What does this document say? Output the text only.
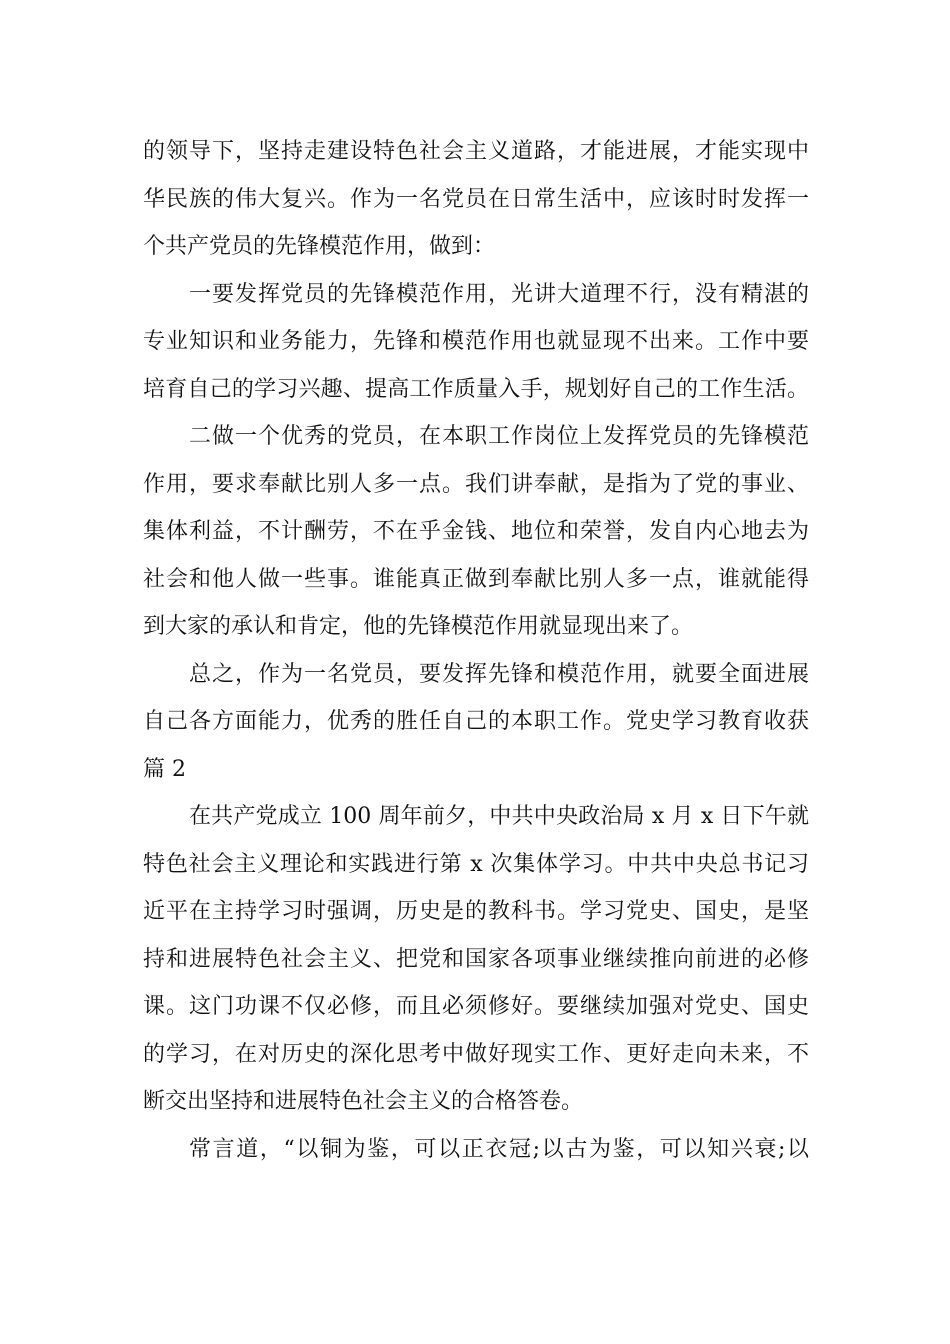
的领导下，坚持走建设特色社会主义道路，才能进展，才能实现中
华民族的伟大复兴。作为一名党员在日常生活中，应该时时发挥一
个共产党员的先锋模范作用，做到：
一要发挥党员的先锋模范作用，光讲大道理不行，没有精湛的
专业知识和业务能力，先锋和模范作用也就显现不出来。工作中要
培育自己的学习兴趣、提高工作质量入手，规划好自己的工作生活。
二做一个优秀的党员，在本职工作岗位上发挥党员的先锋模范
作用，要求奉献比别人多一点。我们讲奉献，是指为了党的事业、
集体利益，不计酬劳，不在乎金钱、地位和荣誉，发自内心地去为
社会和他人做一些事。谁能真正做到奉献比别人多一点，谁就能得
到大家的承认和肯定，他的先锋模范作用就显现出来了。
总之，作为一名党员，要发挥先锋和模范作用，就要全面进展
自己各方面能力，优秀的胜任自己的本职工作。党史学习教育收获
篇 2
在共产党成立 100 周年前夕，中共中央政治局 x 月 x 日下午就
特色社会主义理论和实践进行第 x 次集体学习。中共中央总书记习
近平在主持学习时强调，历史是的教科书。学习党史、国史，是坚
持和进展特色社会主义、把党和国家各项事业继续推向前进的必修
课。这门功课不仅必修，而且必须修好。要继续加强对党史、国史
的学习，在对历史的深化思考中做好现实工作、更好走向未来，不
断交出坚持和进展特色社会主义的合格答卷。
常言道，“以铜为鉴，可以正衣冠;以古为鉴，可以知兴衰;以
